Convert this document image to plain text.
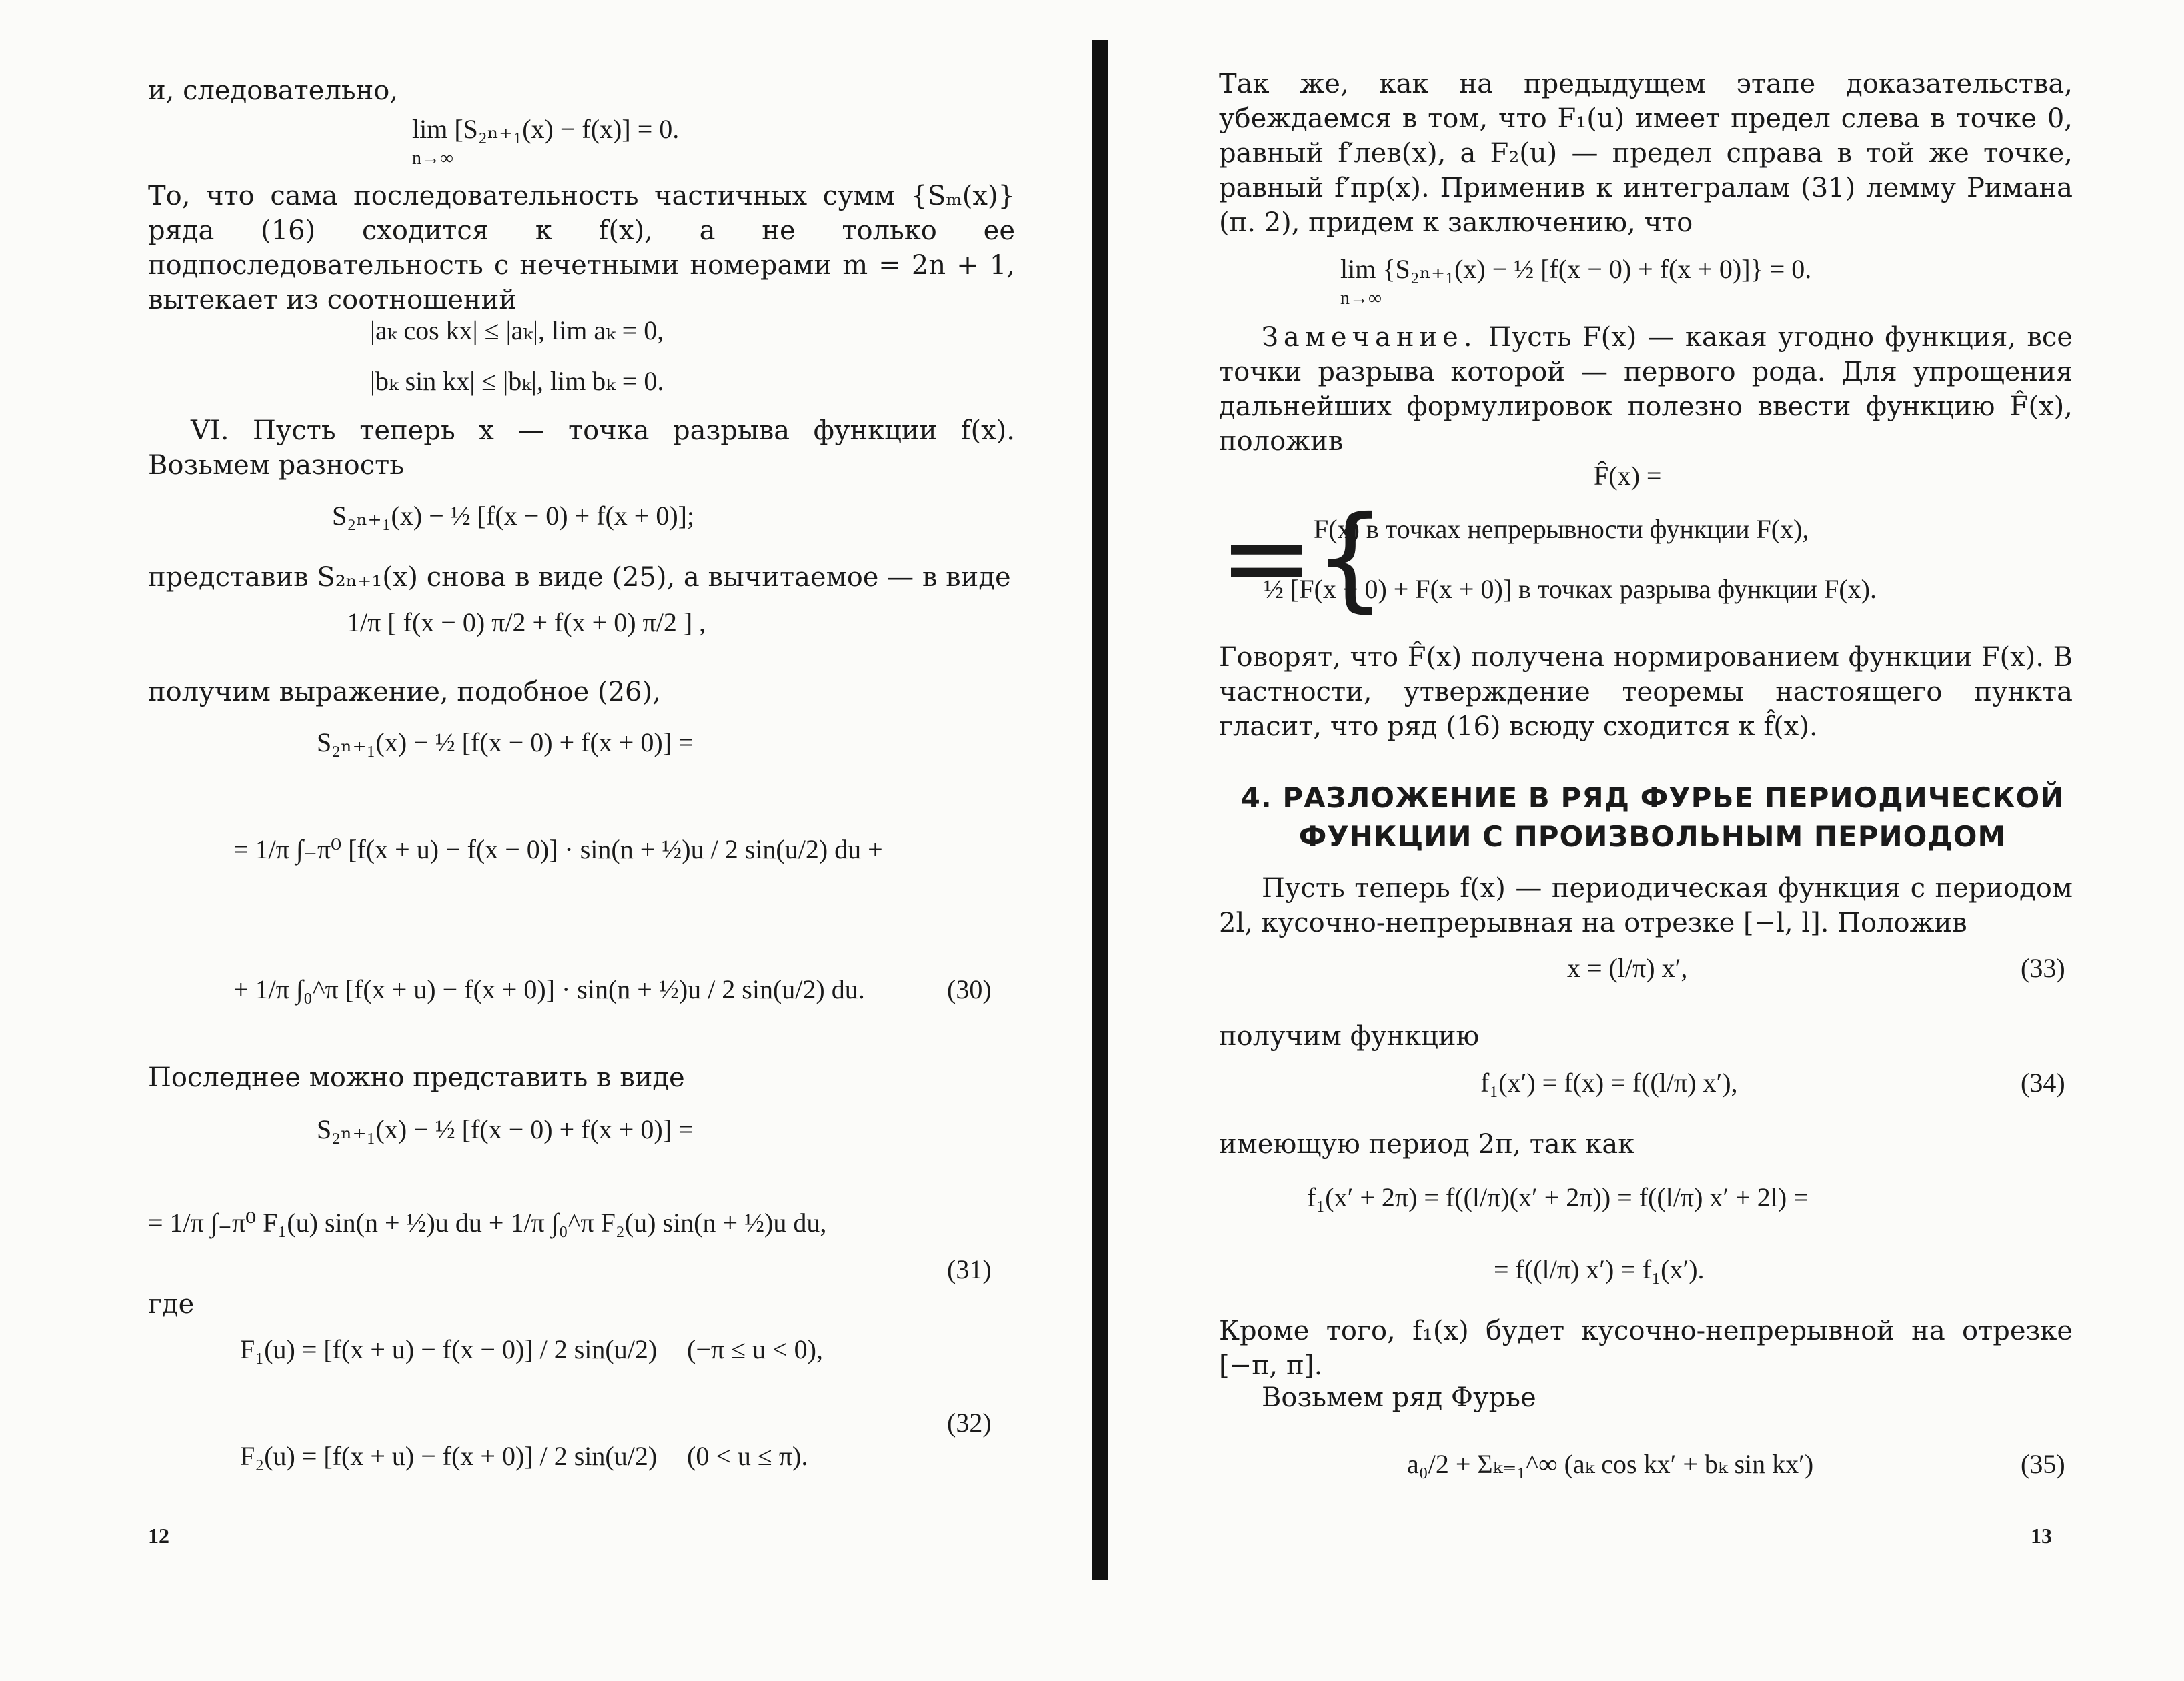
и, следовательно,
lim [S₂ₙ₊₁(x) − f(x)] = 0.
n→∞
То, что сама последовательность частичных сумм {Sₘ(x)} ряда (16) сходится к f(x), а не только ее подпоследовательность с нечетными номерами m = 2n + 1, вытекает из соотношений
|aₖ cos kx| ≤ |aₖ|, lim aₖ = 0,
|bₖ sin kx| ≤ |bₖ|, lim bₖ = 0.
VI. Пусть теперь x — точка разрыва функции f(x). Возьмем разность
S₂ₙ₊₁(x) − ½ [f(x − 0) + f(x + 0)];
представив S₂ₙ₊₁(x) снова в виде (25), а вычитаемое — в виде
1/π [ f(x − 0) π/2 + f(x + 0) π/2 ] ,
получим выражение, подобное (26),
S₂ₙ₊₁(x) − ½ [f(x − 0) + f(x + 0)] =
= 1/π ∫₋π⁰ [f(x + u) − f(x − 0)] · sin(n + ½)u / 2 sin(u/2) du +
+ 1/π ∫₀^π [f(x + u) − f(x + 0)] · sin(n + ½)u / 2 sin(u/2) du.	(30)
Последнее можно представить в виде
S₂ₙ₊₁(x) − ½ [f(x − 0) + f(x + 0)] =
= 1/π ∫₋π⁰ F₁(u) sin(n + ½)u du + 1/π ∫₀^π F₂(u) sin(n + ½)u du,
(31)
где
F₁(u) = [f(x + u) − f(x − 0)] / 2 sin(u/2) (−π ≤ u < 0),
F₂(u) = [f(x + u) − f(x + 0)] / 2 sin(u/2) (0 < u ≤ π).
(32)
12
Так же, как на предыдущем этапе доказательства, убеждаемся в том, что F₁(u) имеет предел слева в точке 0, равный f′лев(x), а F₂(u) — предел справа в той же точке, равный f′пр(x). Применив к интегралам (31) лемму Римана (п. 2), придем к заключению, что
lim {S₂ₙ₊₁(x) − ½ [f(x − 0) + f(x + 0)]} = 0.
n→∞
Замечание. Пусть F(x) — какая угодно функция, все точки разрыва которой — первого рода. Для упрощения дальнейших формулировок полезно ввести функцию F̂(x), положив
F̂(x) =
={
F(x) в точках непрерывности функции F(x),
½ [F(x − 0) + F(x + 0)] в точках разрыва функции F(x).
Говорят, что F̂(x) получена нормированием функции F(x). В частности, утверждение теоремы настоящего пункта гласит, что ряд (16) всюду сходится к f̂(x).
4. РАЗЛОЖЕНИЕ В РЯД ФУРЬЕ ПЕРИОДИЧЕСКОЙ
ФУНКЦИИ С ПРОИЗВОЛЬНЫМ ПЕРИОДОМ
Пусть теперь f(x) — периодическая функция с периодом 2l, кусочно-непрерывная на отрезке [−l, l]. Положив
x = (l/π) x′,	(33)
получим функцию
f₁(x′) = f(x) = f((l/π) x′),	(34)
имеющую период 2π, так как
f₁(x′ + 2π) = f((l/π)(x′ + 2π)) = f((l/π) x′ + 2l) =
= f((l/π) x′) = f₁(x′).
Кроме того, f₁(x) будет кусочно-непрерывной на отрезке [−π, π].
Возьмем ряд Фурье
a₀/2 + Σₖ₌₁^∞ (aₖ cos kx′ + bₖ sin kx′)	(35)
13
